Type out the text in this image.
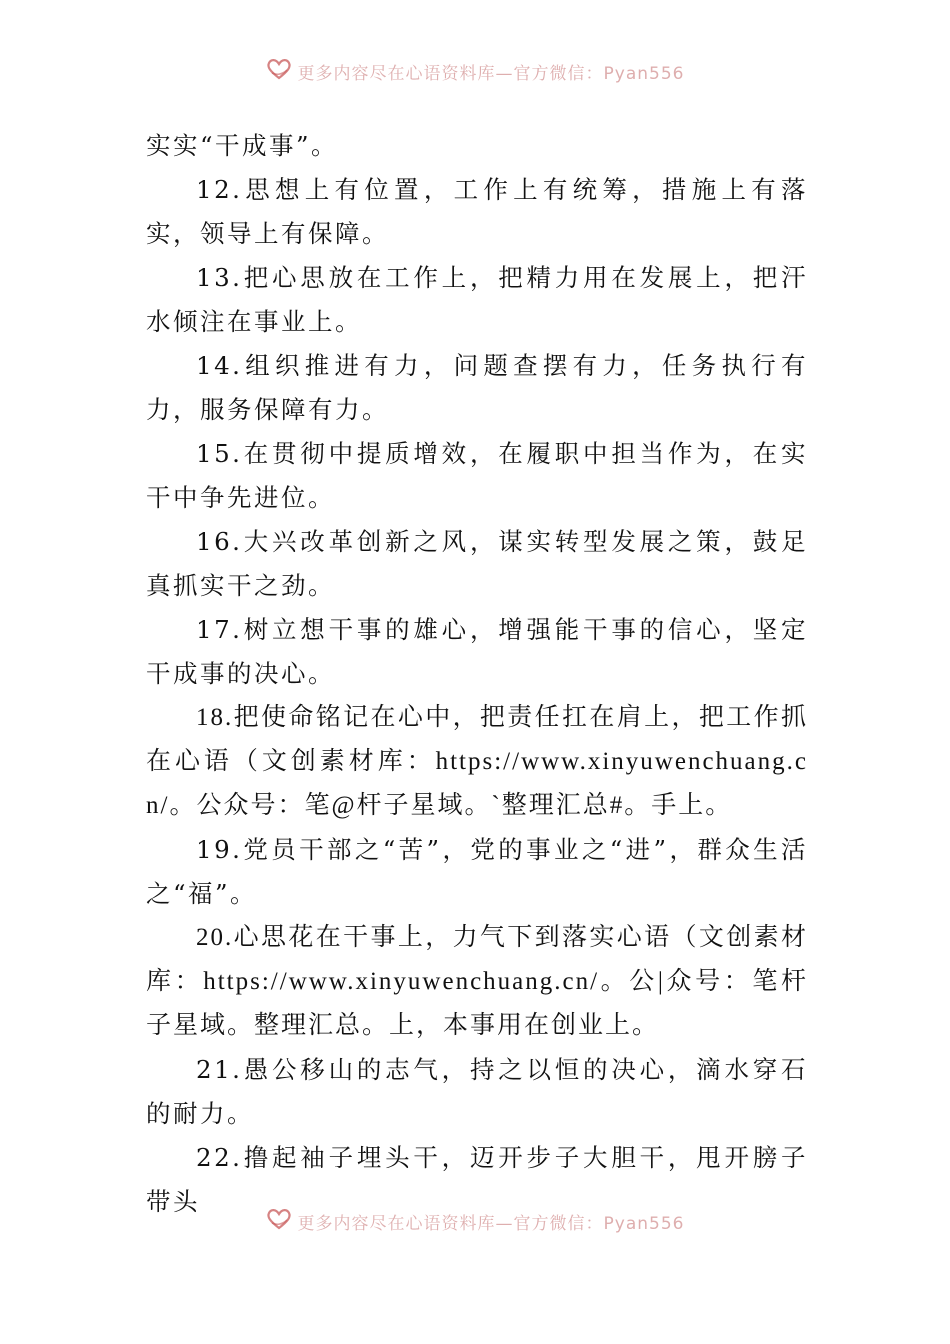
更多内容尽在心语资料库—官方微信：Pyan556

实实“干成事”。

12.思想上有位置，工作上有统筹，措施上有落实，领导上有保障。

13.把心思放在工作上，把精力用在发展上，把汗水倾注在事业上。

14.组织推进有力，问题查摆有力，任务执行有力，服务保障有力。

15.在贯彻中提质增效，在履职中担当作为，在实干中争先进位。

16.大兴改革创新之风，谋实转型发展之策，鼓足真抓实干之劲。

17.树立想干事的雄心，增强能干事的信心，坚定干成事的决心。

18.把使命铭记在心中，把责任扛在肩上，把工作抓在心语（文创素材库：https://www.xinyuwenchuang.cn/。公众号：笔@杆子星域。`整理汇总#。手上。

19.党员干部之“苦”，党的事业之“进”，群众生活之“福”。

20.心思花在干事上，力气下到落实心语（文创素材库：https://www.xinyuwenchuang.cn/。公|众号：笔杆子星域。整理汇总。上，本事用在创业上。

21.愚公移山的志气，持之以恒的决心，滴水穿石的耐力。

22.撸起袖子埋头干，迈开步子大胆干，甩开膀子带头

更多内容尽在心语资料库—官方微信：Pyan556
